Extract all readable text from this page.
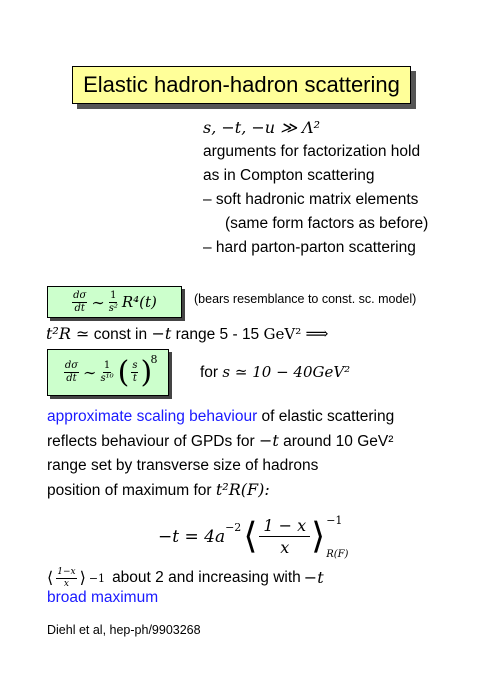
Elastic hadron-hadron scattering
s, −t, −u ≫ Λ²
arguments for factorization hold
as in Compton scattering
– soft hadronic matrix elements
(same form factors as before)
– hard parton-parton scattering
$\frac{d\sigma}{dt}$ ∼ $\frac{1}{\text{s²}} R^4(t)$	(bears resemblance to const. sc. model)
t²R ≃ const in −t range 5 - 15 GeV² ⟹
$\frac{d\sigma}{dt}$ ∼ $\frac{1}{\text{s¹⁰}}$ ( $\frac{s}{t}$ )
8
for s ≃ 10 − 40GeV²
approximate scaling behaviour of elastic scattering
reflects behaviour of GPDs for −t around 10 GeV²
range set by transverse size of hadrons
position of maximum for t²R(F):
$-t = 4a^{-2}$ ⟨ $\frac{1 - x}{x}$ ⟩ −1
R(F)
⟨ $\frac{1-x}{x}$ ⟩ −1 about 2 and increasing with −t
broad maximum
Diehl et al, hep-ph/9903268
